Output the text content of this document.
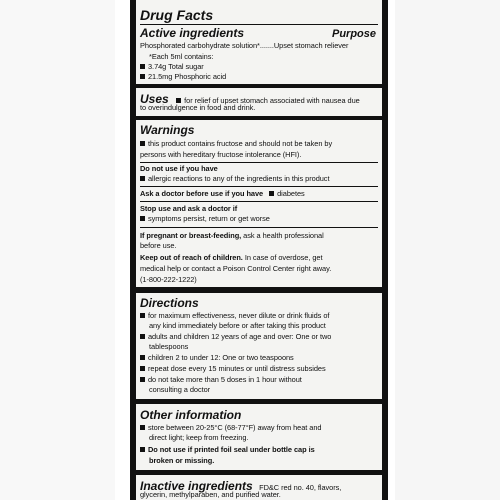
Drug Facts
Active ingredients	Purpose
Phosphorated carbohydrate solution*.......Upset stomach reliever
*Each 5ml contains:
3.74g Total sugar
21.5mg Phosphoric acid
Uses for relief of upset stomach associated with nausea due
to overindulgence in food and drink.
Warnings
this product contains fructose and should not be taken by
persons with hereditary fructose intolerance (HFI).
Do not use if you have
allergic reactions to any of the ingredients in this product
Ask a doctor before use if you have diabetes
Stop use and ask a doctor if
symptoms persist, return or get worse
If pregnant or breast-feeding, ask a health professional
before use.
Keep out of reach of children. In case of overdose, get
medical help or contact a Poison Control Center right away.
(1-800-222-1222)
Directions
for maximum effectiveness, never dilute or drink fluids of
any kind immediately before or after taking this product
adults and children 12 years of age and over: One or two
tablespoons
children 2 to under 12: One or two teaspoons
repeat dose every 15 minutes or until distress subsides
do not take more than 5 doses in 1 hour without
consulting a doctor
Other information
store between 20-25°C (68-77°F) away from heat and
direct light; keep from freezing.
Do not use if printed foil seal under bottle cap is
broken or missing.
Inactive ingredients FD&C red no. 40, flavors,
glycerin, methylparaben, and purified water.
